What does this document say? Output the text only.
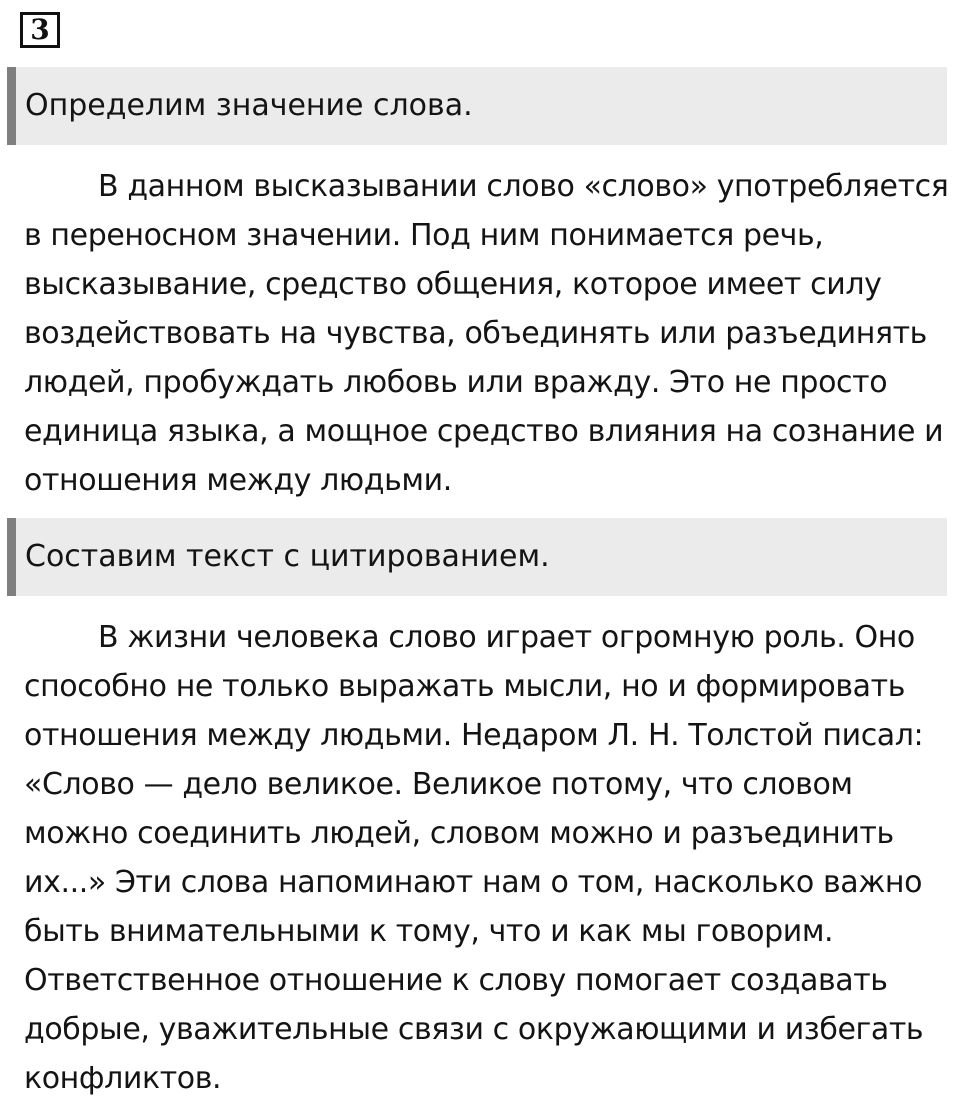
3
Определим значение слова.

В данном высказывании слово «слово» употребляется
в переносном значении. Под ним понимается речь,
высказывание, средство общения, которое имеет силу
воздействовать на чувства, объединять или разъединять
людей, пробуждать любовь или вражду. Это не просто
единица языка, а мощное средство влияния на сознание и
отношения между людьми.

Составим текст с цитированием.

В жизни человека слово играет огромную роль. Оно
способно не только выражать мысли, но и формировать
отношения между людьми. Недаром Л. Н. Толстой писал:
«Слово — дело великое. Великое потому, что словом
можно соединить людей, словом можно и разъединить
их...» Эти слова напоминают нам о том, насколько важно
быть внимательными к тому, что и как мы говорим.
Ответственное отношение к слову помогает создавать
добрые, уважительные связи с окружающими и избегать
конфликтов.
